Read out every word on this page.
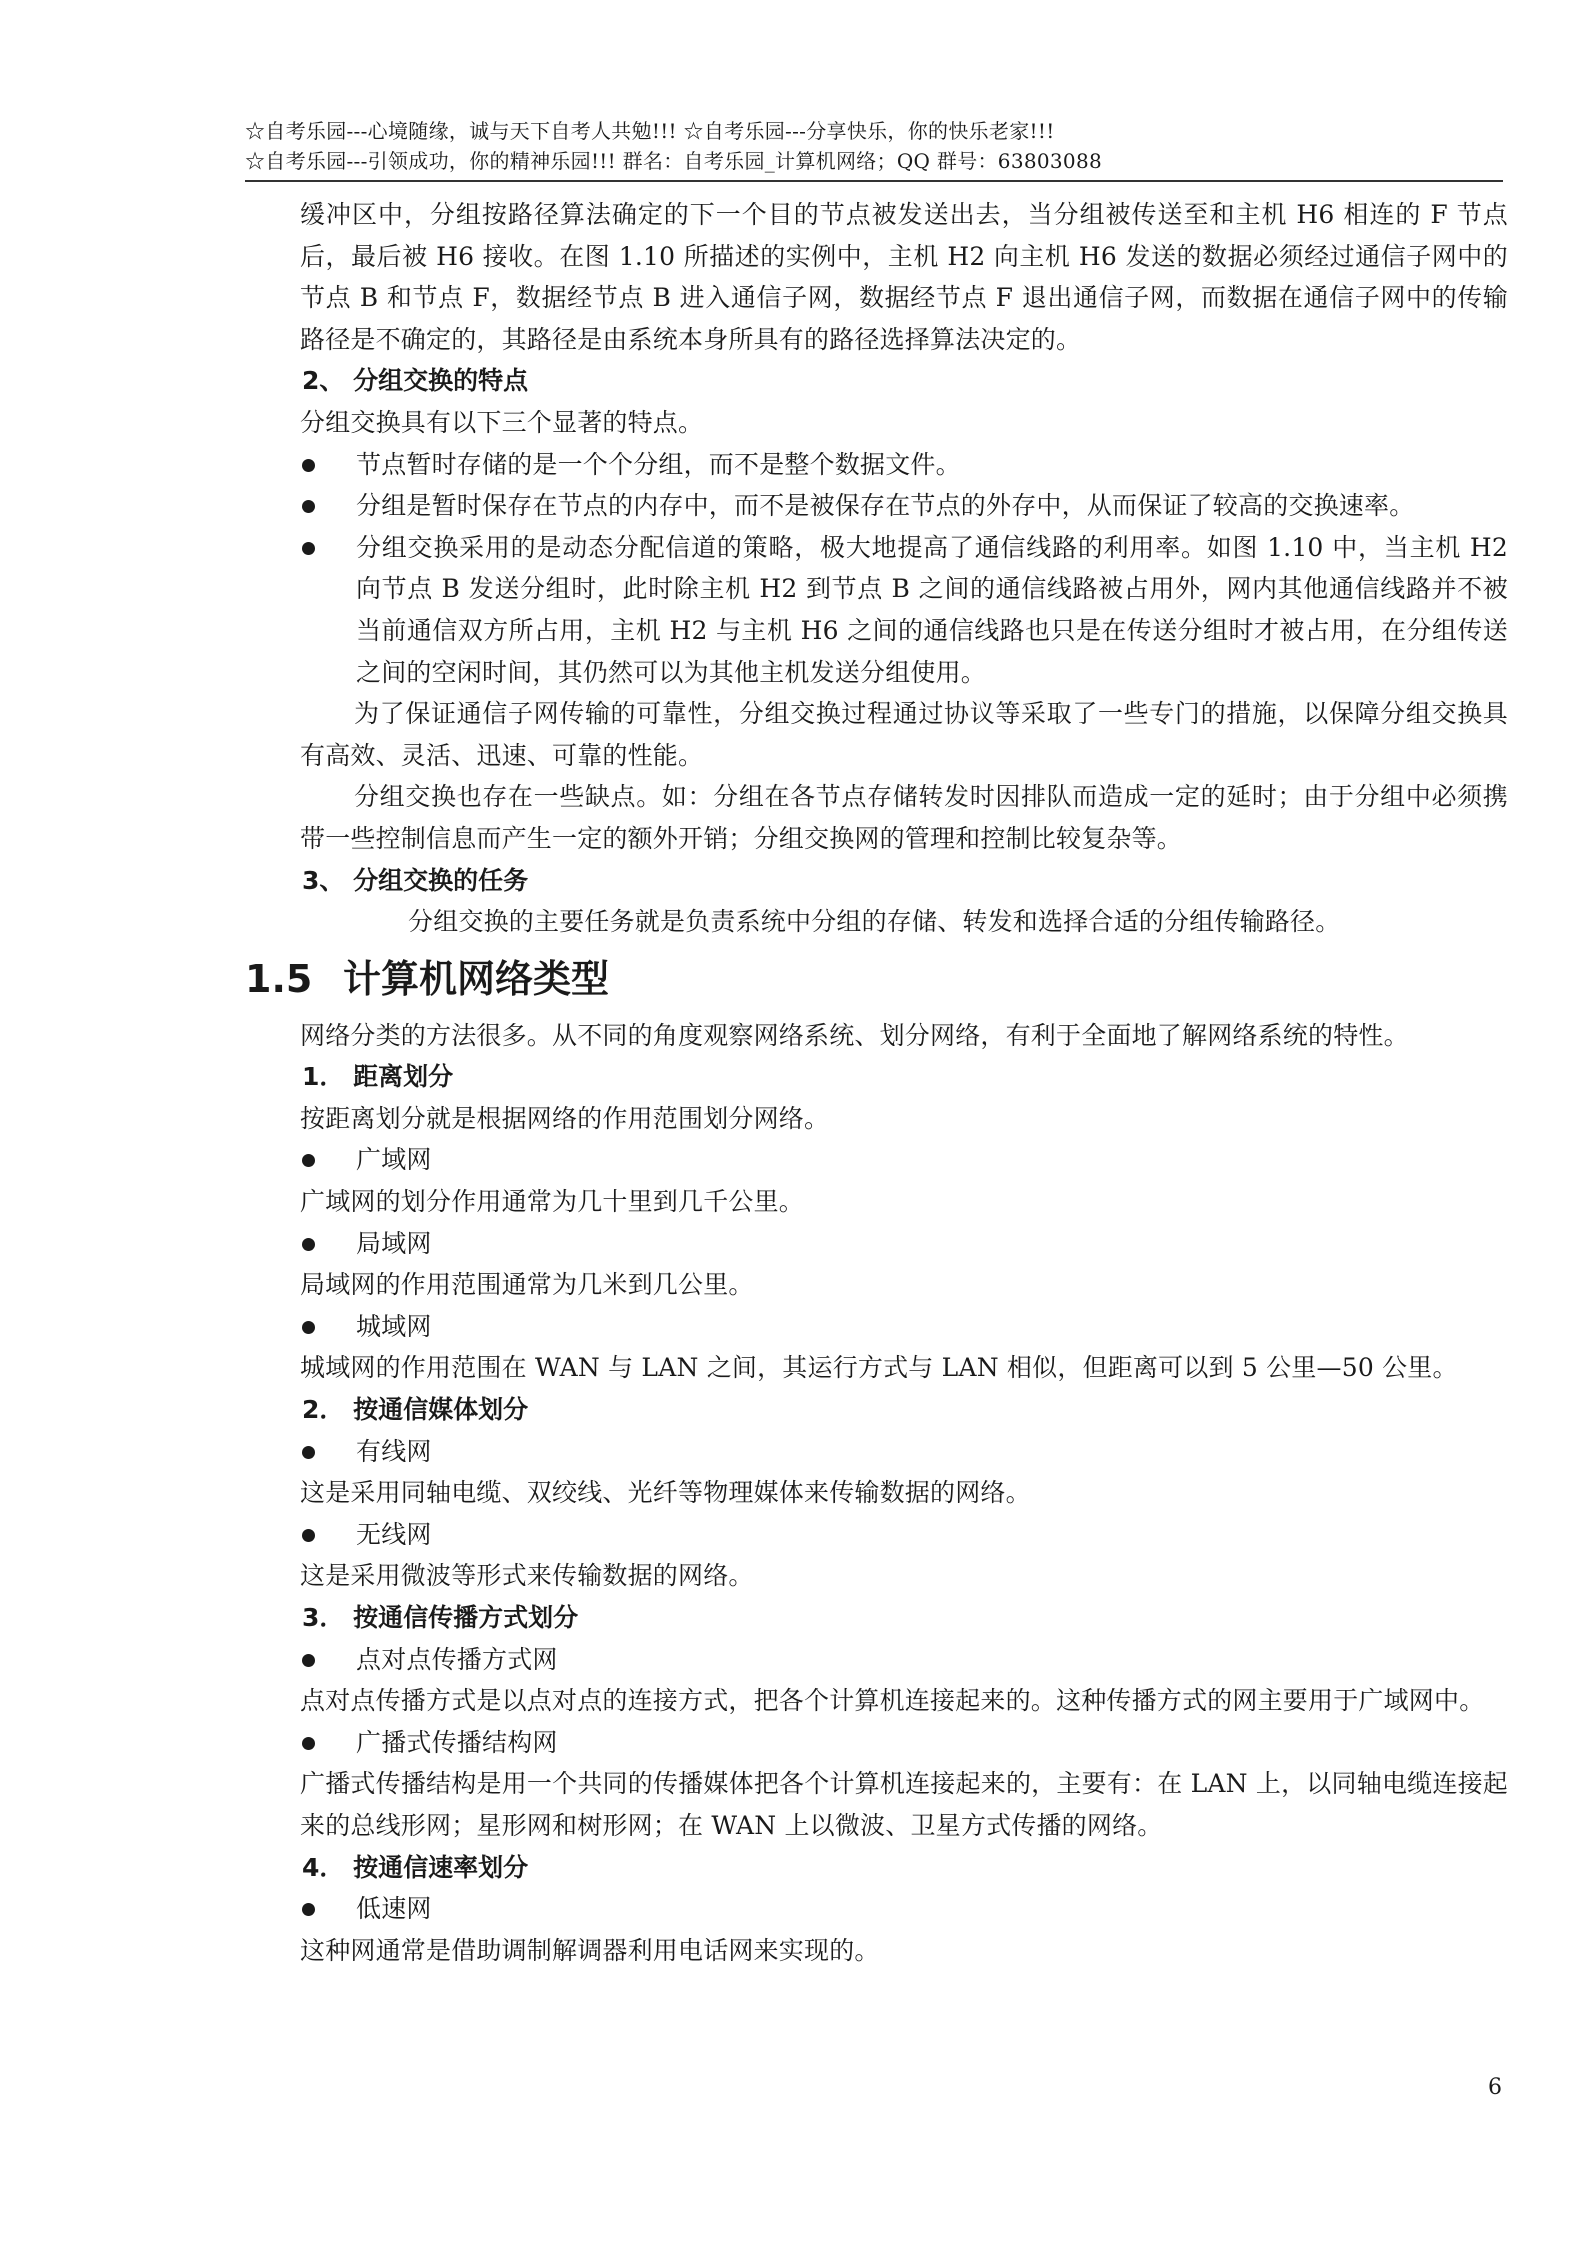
☆自考乐园---心境随缘，诚与天下自考人共勉!!! ☆自考乐园---分享快乐，你的快乐老家!!!
☆自考乐园---引领成功，你的精神乐园!!! 群名：自考乐园_计算机网络；QQ 群号：63803088

缓冲区中，分组按路径算法确定的下一个目的节点被发送出去，当分组被传送至和主机 H6 相连的 F 节点后，最后被 H6 接收。在图 1.10 所描述的实例中，主机 H2 向主机 H6 发送的数据必须经过通信子网中的节点 B 和节点 F，数据经节点 B 进入通信子网，数据经节点 F 退出通信子网，而数据在通信子网中的传输路径是不确定的，其路径是由系统本身所具有的路径选择算法决定的。

2、 分组交换的特点

分组交换具有以下三个显著的特点。

节点暂时存储的是一个个分组，而不是整个数据文件。
分组是暂时保存在节点的内存中，而不是被保存在节点的外存中，从而保证了较高的交换速率。
分组交换采用的是动态分配信道的策略，极大地提高了通信线路的利用率。如图 1.10 中，当主机 H2 向节点 B 发送分组时，此时除主机 H2 到节点 B 之间的通信线路被占用外，网内其他通信线路并不被当前通信双方所占用，主机 H2 与主机 H6 之间的通信线路也只是在传送分组时才被占用，在分组传送之间的空闲时间，其仍然可以为其他主机发送分组使用。

为了保证通信子网传输的可靠性，分组交换过程通过协议等采取了一些专门的措施，以保障分组交换具有高效、灵活、迅速、可靠的性能。

分组交换也存在一些缺点。如：分组在各节点存储转发时因排队而造成一定的延时；由于分组中必须携带一些控制信息而产生一定的额外开销；分组交换网的管理和控制比较复杂等。

3、 分组交换的任务

分组交换的主要任务就是负责系统中分组的存储、转发和选择合适的分组传输路径。

1.5 计算机网络类型

网络分类的方法很多。从不同的角度观察网络系统、划分网络，有利于全面地了解网络系统的特性。

1． 距离划分

按距离划分就是根据网络的作用范围划分网络。

广域网

广域网的划分作用通常为几十里到几千公里。

局域网

局域网的作用范围通常为几米到几公里。

城域网

城域网的作用范围在 WAN 与 LAN 之间，其运行方式与 LAN 相似，但距离可以到 5 公里—50 公里。

2． 按通信媒体划分

有线网

这是采用同轴电缆、双绞线、光纤等物理媒体来传输数据的网络。

无线网

这是采用微波等形式来传输数据的网络。

3． 按通信传播方式划分

点对点传播方式网

点对点传播方式是以点对点的连接方式，把各个计算机连接起来的。这种传播方式的网主要用于广域网中。

广播式传播结构网

广播式传播结构是用一个共同的传播媒体把各个计算机连接起来的，主要有：在 LAN 上，以同轴电缆连接起来的总线形网；星形网和树形网；在 WAN 上以微波、卫星方式传播的网络。

4． 按通信速率划分

低速网

这种网通常是借助调制解调器利用电话网来实现的。

6
